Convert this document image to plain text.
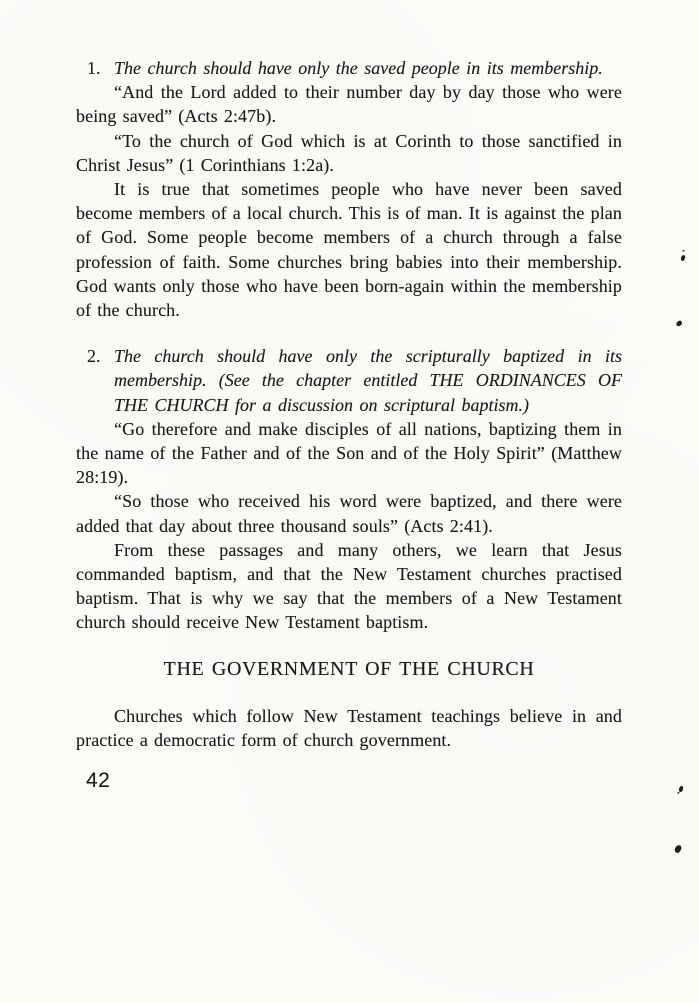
1. The church should have only the saved people in its membership.

“And the Lord added to their number day by day those who were being saved” (Acts 2:47b).

“To the church of God which is at Corinth to those sanctified in Christ Jesus” (1 Corinthians 1:2a).

It is true that sometimes people who have never been saved become members of a local church. This is of man. It is against the plan of God. Some people become members of a church through a false profession of faith. Some churches bring babies into their membership. God wants only those who have been born-again within the membership of the church.

2. The church should have only the scripturally baptized in its membership. (See the chapter entitled THE ORDINANCES OF THE CHURCH for a discussion on scriptural baptism.)

“Go therefore and make disciples of all nations, baptizing them in the name of the Father and of the Son and of the Holy Spirit” (Matthew 28:19).

“So those who received his word were baptized, and there were added that day about three thousand souls” (Acts 2:41).

From these passages and many others, we learn that Jesus commanded baptism, and that the New Testament churches practised baptism. That is why we say that the members of a New Testament church should receive New Testament baptism.

THE GOVERNMENT OF THE CHURCH

Churches which follow New Testament teachings believe in and practice a democratic form of church government.

42
